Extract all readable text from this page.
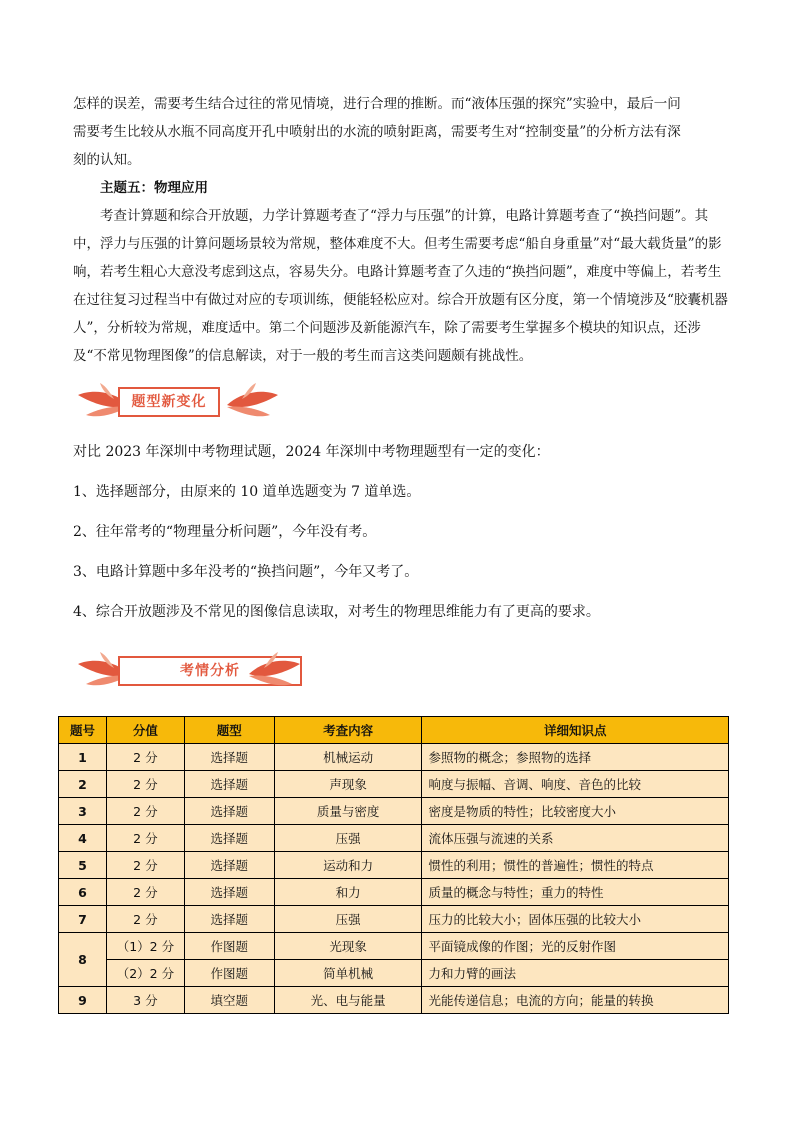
怎样的误差，需要考生结合过往的常见情境，进行合理的推断。而“液体压强的探究”实验中，最后一问

需要考生比较从水瓶不同高度开孔中喷射出的水流的喷射距离，需要考生对“控制变量”的分析方法有深

刻的认知。

主题五：物理应用

考查计算题和综合开放题，力学计算题考查了“浮力与压强”的计算，电路计算题考查了“换挡问题”。其中，浮力与压强的计算问题场景较为常规，整体难度不大。但考生需要考虑“船自身重量”对“最大载货量”的影响，若考生粗心大意没考虑到这点，容易失分。电路计算题考查了久违的“换挡问题”，难度中等偏上，若考生在过往复习过程当中有做过对应的专项训练，便能轻松应对。综合开放题有区分度，第一个情境涉及“胶囊机器人”，分析较为常规，难度适中。第二个问题涉及新能源汽车，除了需要考生掌握多个模块的知识点，还涉及“不常见物理图像”的信息解读，对于一般的考生而言这类问题颇有挑战性。

题型新变化

对比 2023 年深圳中考物理试题，2024 年深圳中考物理题型有一定的变化：

1、选择题部分，由原来的 10 道单选题变为 7 道单选。

2、往年常考的“物理量分析问题”，今年没有考。

3、电路计算题中多年没考的“换挡问题”，今年又考了。

4、综合开放题涉及不常见的图像信息读取，对考生的物理思维能力有了更高的要求。

考情分析
题号	分值	题型	考查内容	详细知识点
1	2 分	选择题	机械运动	参照物的概念；参照物的选择
2	2 分	选择题	声现象	响度与振幅、音调、响度、音色的比较
3	2 分	选择题	质量与密度	密度是物质的特性；比较密度大小
4	2 分	选择题	压强	流体压强与流速的关系
5	2 分	选择题	运动和力	惯性的利用；惯性的普遍性；惯性的特点
6	2 分	选择题	和力	质量的概念与特性；重力的特性
7	2 分	选择题	压强	压力的比较大小；固体压强的比较大小
8	（1）2 分	作图题	光现象	平面镜成像的作图；光的反射作图
	（2）2 分	作图题	简单机械	力和力臂的画法
9	3 分	填空题	光、电与能量	光能传递信息；电流的方向；能量的转换
